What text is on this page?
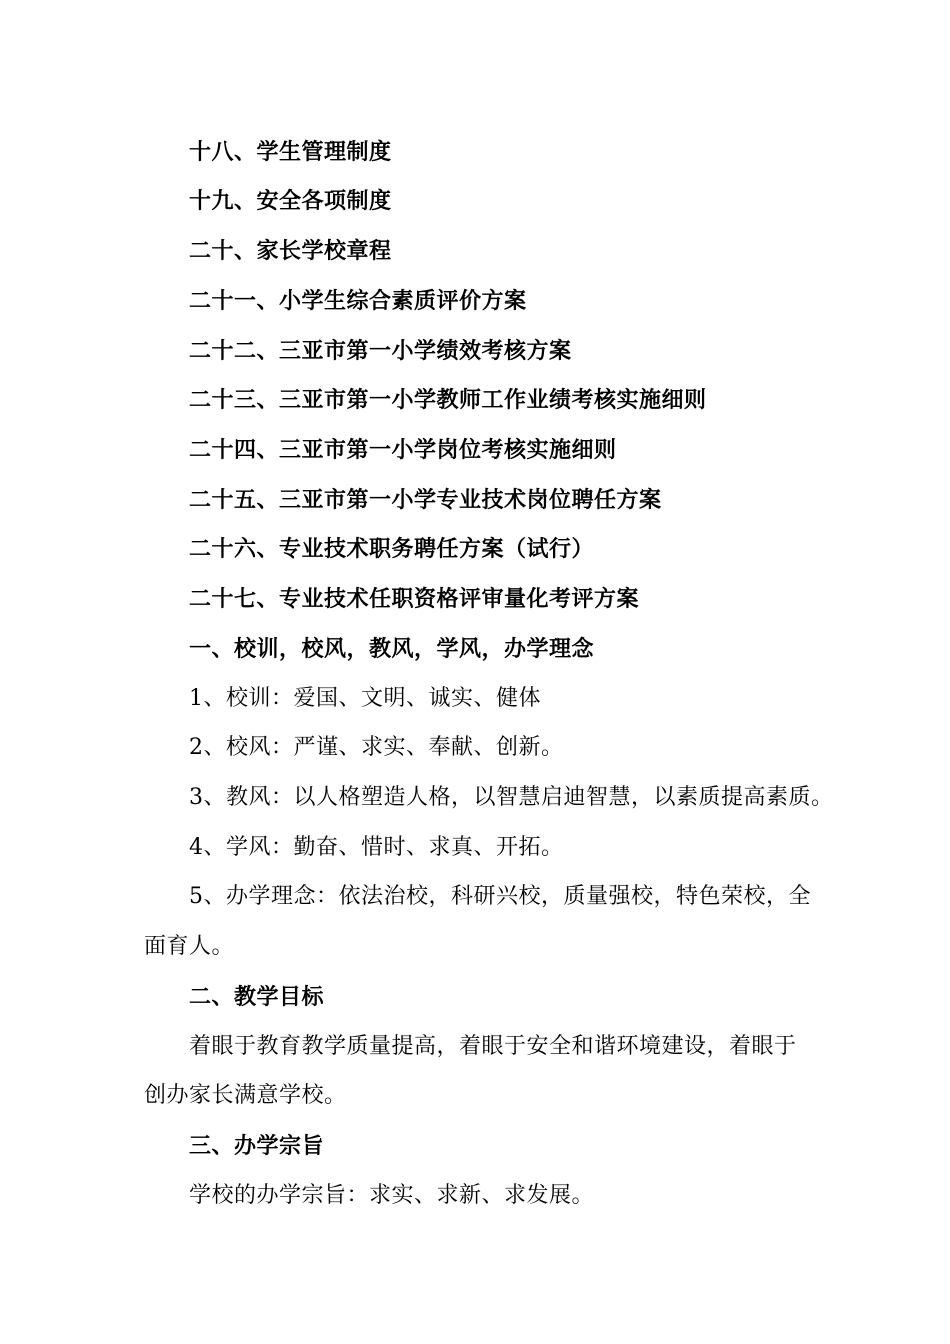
十八、学生管理制度
十九、安全各项制度
二十、家长学校章程
二十一、小学生综合素质评价方案
二十二、三亚市第一小学绩效考核方案
二十三、三亚市第一小学教师工作业绩考核实施细则
二十四、三亚市第一小学岗位考核实施细则
二十五、三亚市第一小学专业技术岗位聘任方案
二十六、专业技术职务聘任方案（试行）
二十七、专业技术任职资格评审量化考评方案
一、校训，校风，教风，学风，办学理念
1、校训：爱国、文明、诚实、健体
2、校风：严谨、求实、奉献、创新。
3、教风：以人格塑造人格，以智慧启迪智慧，以素质提高素质。
4、学风：勤奋、惜时、求真、开拓。
5、办学理念：依法治校，科研兴校，质量强校，特色荣校，全
面育人。
二、教学目标
着眼于教育教学质量提高，着眼于安全和谐环境建设，着眼于
创办家长满意学校。
三、办学宗旨
学校的办学宗旨：求实、求新、求发展。
